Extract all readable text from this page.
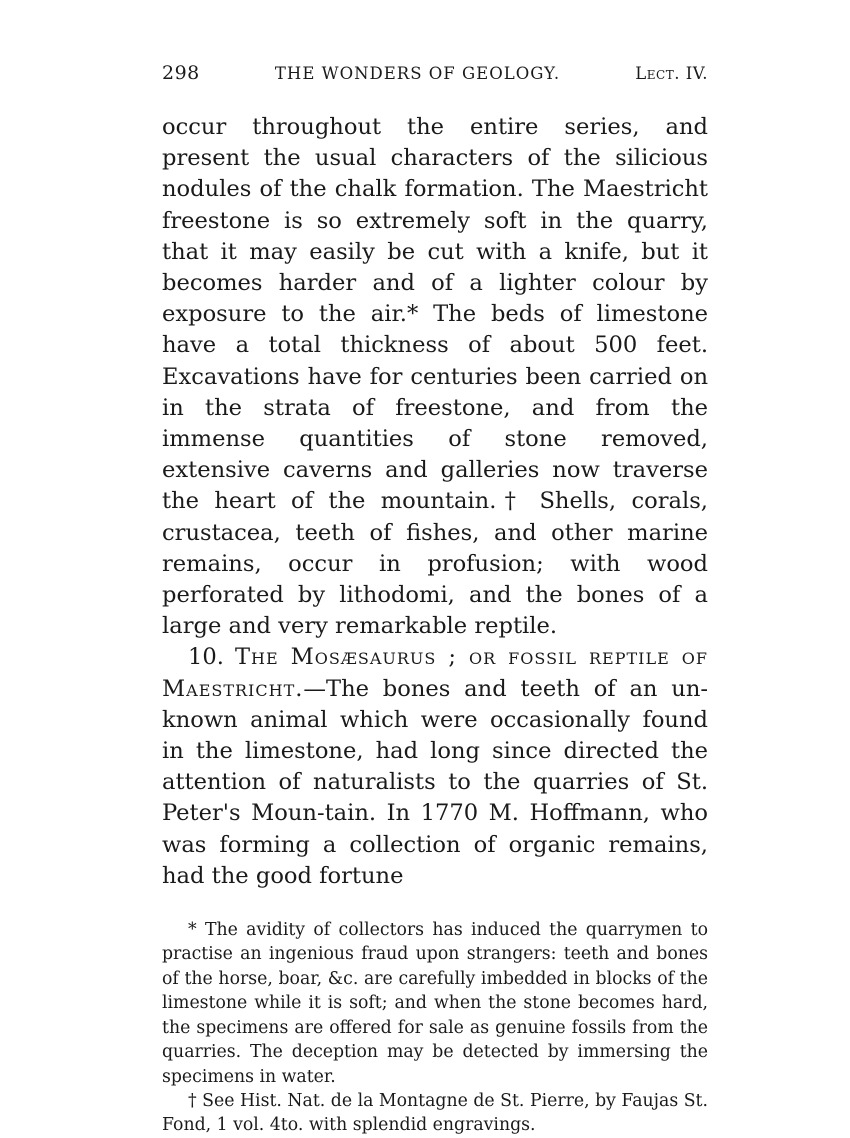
298	THE WONDERS OF GEOLOGY.	Lect. IV.

occur throughout the entire series, and present the usual characters of the silicious nodules of the chalk formation. The Maestricht freestone is so extremely soft in the quarry, that it may easily be cut with a knife, but it becomes harder and of a lighter colour by exposure to the air.* The beds of limestone have a total thickness of about 500 feet. Excavations have for centuries been carried on in the strata of freestone, and from the immense quantities of stone removed, extensive caverns and galleries now traverse the heart of the mountain.† Shells, corals, crustacea, teeth of fishes, and other marine remains, occur in profusion; with wood perforated by lithodomi, and the bones of a large and very remarkable reptile.

10. The Mosæsaurus ; or fossil reptile of Maestricht.—The bones and teeth of an un-known animal which were occasionally found in the limestone, had long since directed the attention of naturalists to the quarries of St. Peter's Moun-tain. In 1770 M. Hoffmann, who was forming a collection of organic remains, had the good fortune

* The avidity of collectors has induced the quarrymen to practise an ingenious fraud upon strangers: teeth and bones of the horse, boar, &c. are carefully imbedded in blocks of the limestone while it is soft; and when the stone becomes hard, the specimens are offered for sale as genuine fossils from the quarries. The deception may be detected by immersing the specimens in water.

† See Hist. Nat. de la Montagne de St. Pierre, by Faujas St. Fond, 1 vol. 4to. with splendid engravings.
